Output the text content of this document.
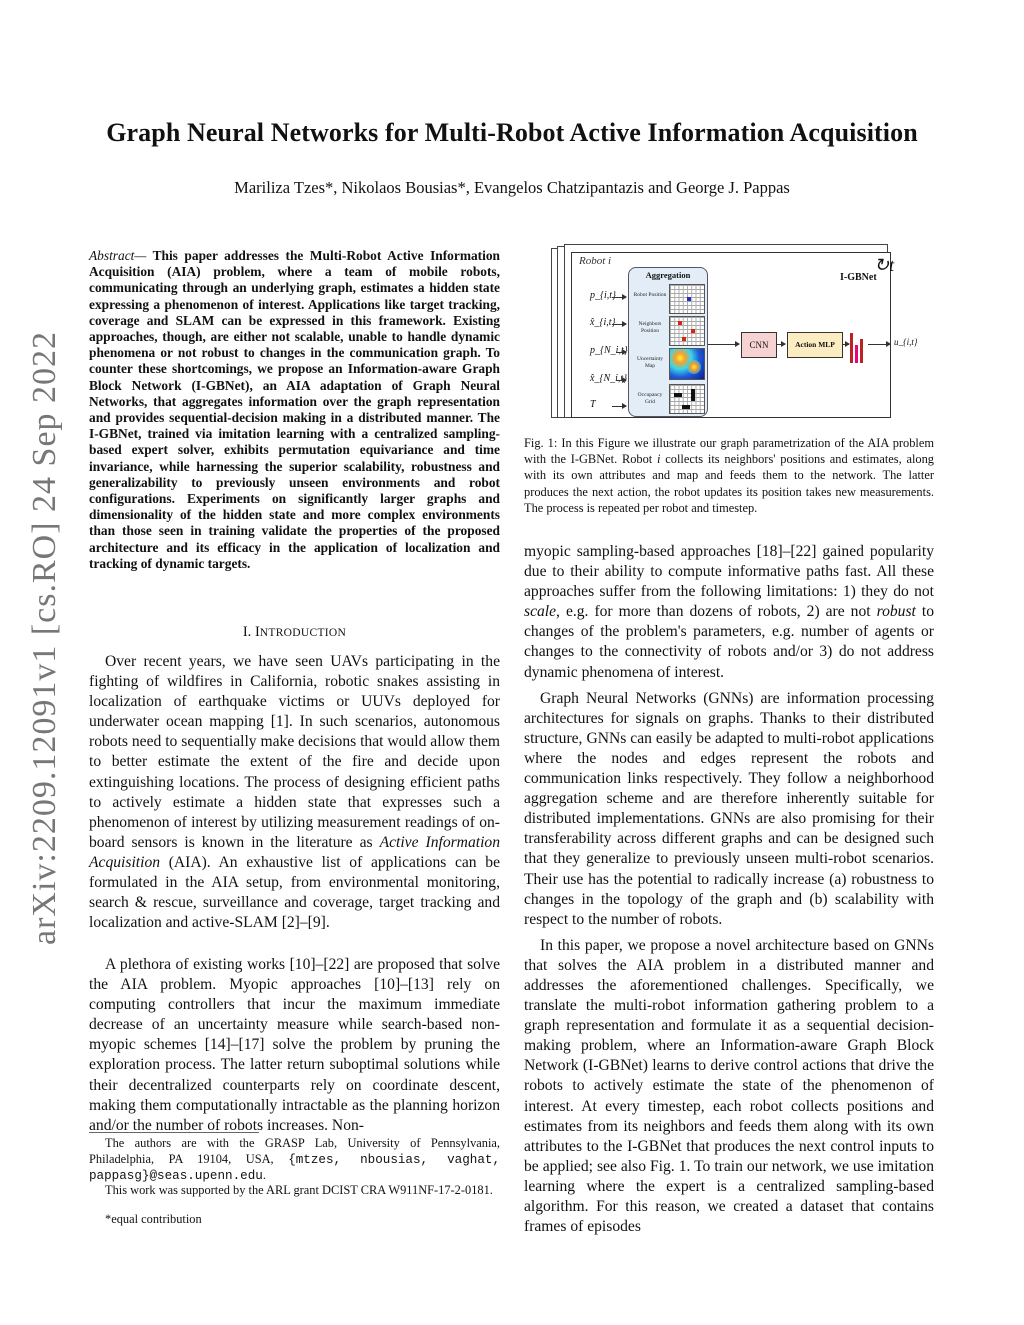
arXiv:2209.12091v1 [cs.RO] 24 Sep 2022
Graph Neural Networks for Multi-Robot Active Information Acquisition
Mariliza Tzes*, Nikolaos Bousias*, Evangelos Chatzipantazis and George J. Pappas
Abstract— This paper addresses the Multi-Robot Active Information Acquisition (AIA) problem, where a team of mobile robots, communicating through an underlying graph, estimates a hidden state expressing a phenomenon of interest. Applications like target tracking, coverage and SLAM can be expressed in this framework. Existing approaches, though, are either not scalable, unable to handle dynamic phenomena or not robust to changes in the communication graph. To counter these shortcomings, we propose an Information-aware Graph Block Network (I-GBNet), an AIA adaptation of Graph Neural Networks, that aggregates information over the graph representation and provides sequential-decision making in a distributed manner. The I-GBNet, trained via imitation learning with a centralized sampling-based expert solver, exhibits permutation equivariance and time invariance, while harnessing the superior scalability, robustness and generalizability to previously unseen environments and robot configurations. Experiments on significantly larger graphs and dimensionality of the hidden state and more complex environments than those seen in training validate the properties of the proposed architecture and its efficacy in the application of localization and tracking of dynamic targets.
I. INTRODUCTION

Over recent years, we have seen UAVs participating in the fighting of wildfires in California, robotic snakes assisting in localization of earthquake victims or UUVs deployed for underwater ocean mapping [1]. In such scenarios, autonomous robots need to sequentially make decisions that would allow them to better estimate the extent of the fire and decide upon extinguishing locations. The process of designing efficient paths to actively estimate a hidden state that expresses such a phenomenon of interest by utilizing measurement readings of on-board sensors is known in the literature as Active Information Acquisition (AIA). An exhaustive list of applications can be formulated in the AIA setup, from environmental monitoring, search & rescue, surveillance and coverage, target tracking and localization and active-SLAM [2]–[9].

A plethora of existing works [10]–[22] are proposed that solve the AIA problem. Myopic approaches [10]–[13] rely on computing controllers that incur the maximum immediate decrease of an uncertainty measure while search-based non-myopic schemes [14]–[17] solve the problem by pruning the exploration process. The latter return suboptimal solutions while their decentralized counterparts rely on coordinate descent, making them computationally intractable as the planning horizon and/or the number of robots increases. Non-

The authors are with the GRASP Lab, University of Pennsylvania, Philadelphia, PA 19104, USA, {mtzes, nbousias, vaghat, pappasg}@seas.upenn.edu.
This work was supported by the ARL grant DCIST CRA W911NF-17-2-0181.
*equal contribution
Robot i	↻t
I-GBNet
p_{i,t}
x̂_{i,t}
p_{N_i,t}
x̂_{N_i,t}
T
Aggregation
Robot Position
Neighbors Position
Uncertainty Map
Occupancy Grid
CNN	Action MLP	u_{i,t}
Fig. 1: In this Figure we illustrate our graph parametrization of the AIA problem with the I-GBNet. Robot i collects its neighbors' positions and estimates, along with its own attributes and map and feeds them to the network. The latter produces the next action, the robot updates its position takes new measurements. The process is repeated per robot and timestep.

myopic sampling-based approaches [18]–[22] gained popularity due to their ability to compute informative paths fast. All these approaches suffer from the following limitations: 1) they do not scale, e.g. for more than dozens of robots, 2) are not robust to changes of the problem's parameters, e.g. number of agents or changes to the connectivity of robots and/or 3) do not address dynamic phenomena of interest.

Graph Neural Networks (GNNs) are information processing architectures for signals on graphs. Thanks to their distributed structure, GNNs can easily be adapted to multi-robot applications where the nodes and edges represent the robots and communication links respectively. They follow a neighborhood aggregation scheme and are therefore inherently suitable for distributed implementations. GNNs are also promising for their transferability across different graphs and can be designed such that they generalize to previously unseen multi-robot scenarios. Their use has the potential to radically increase (a) robustness to changes in the topology of the graph and (b) scalability with respect to the number of robots.

In this paper, we propose a novel architecture based on GNNs that solves the AIA problem in a distributed manner and addresses the aforementioned challenges. Specifically, we translate the multi-robot information gathering problem to a graph representation and formulate it as a sequential decision-making problem, where an Information-aware Graph Block Network (I-GBNet) learns to derive control actions that drive the robots to actively estimate the state of the phenomenon of interest. At every timestep, each robot collects positions and estimates from its neighbors and feeds them along with its own attributes to the I-GBNet that produces the next control inputs to be applied; see also Fig. 1. To train our network, we use imitation learning where the expert is a centralized sampling-based algorithm. For this reason, we created a dataset that contains frames of episodes
